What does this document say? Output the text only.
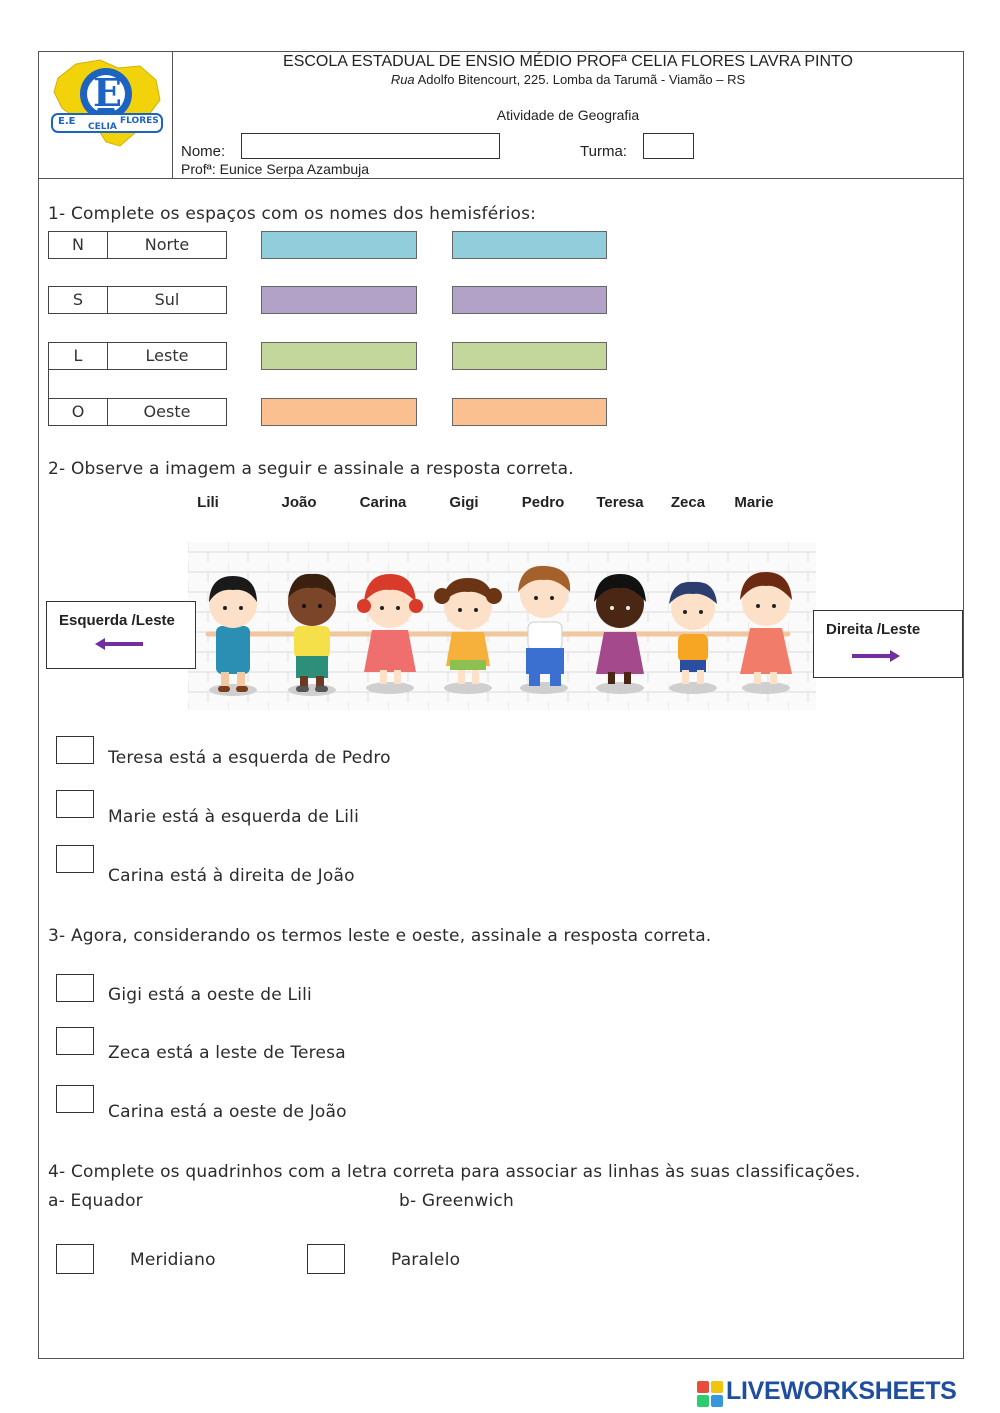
E
E.E CELIA
FLORES
ESCOLA ESTADUAL DE ENSIO MÉDIO PROFª CELIA FLORES LAVRA PINTO
Rua Adolfo Bitencourt, 225. Lomba da Tarumã - Viamão – RS
Atividade de Geografia
Nome:	Turma:
Profª: Eunice Serpa Azambuja
1- Complete os espaços com os nomes dos hemisférios:
N	Norte
S	Sul
L	Leste
O	Oeste
2- Observe a imagem a seguir e assinale a resposta correta.
Lili	João	Carina	Gigi	Pedro	Teresa	Zeca	Marie
Esquerda /Leste
Direita /Leste
Teresa está a esquerda de Pedro
Marie está à esquerda de Lili
Carina está à direita de João
3- Agora, considerando os termos leste e oeste, assinale a resposta correta.
Gigi está a oeste de Lili
Zeca está a leste de Teresa
Carina está a oeste de João
4- Complete os quadrinhos com a letra correta para associar as linhas às suas classificações.
a- Equador	b- Greenwich
Meridiano	Paralelo
LIVEWORKSHEETS
